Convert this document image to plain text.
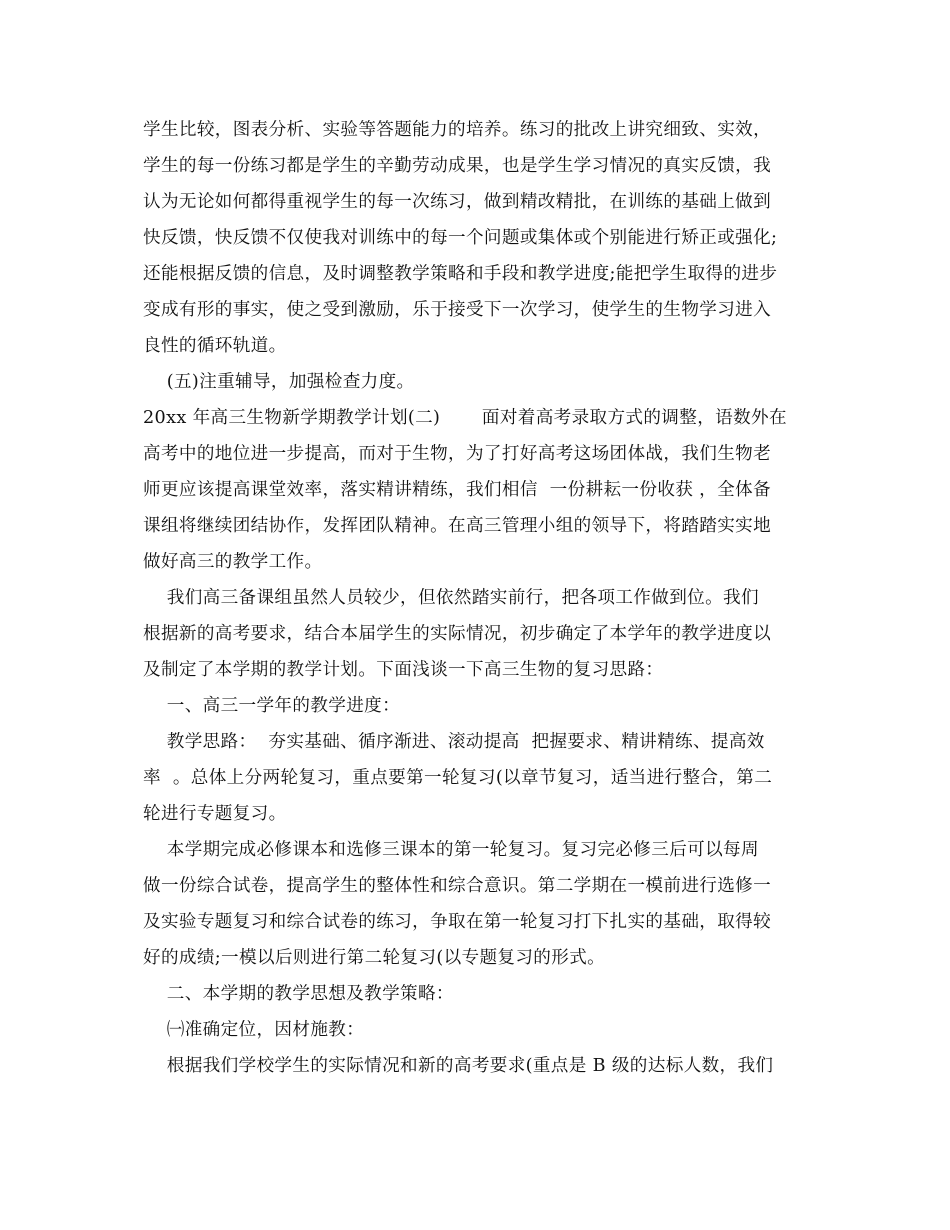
学生比较，图表分析、实验等答题能力的培养。练习的批改上讲究细致、实效，
学生的每一份练习都是学生的辛勤劳动成果，也是学生学习情况的真实反馈，我
认为无论如何都得重视学生的每一次练习，做到精改精批，在训练的基础上做到
快反馈，快反馈不仅使我对训练中的每一个问题或集体或个别能进行矫正或强化;
还能根据反馈的信息，及时调整教学策略和手段和教学进度;能把学生取得的进步
变成有形的事实，使之受到激励，乐于接受下一次学习，使学生的生物学习进入
良性的循环轨道。
(五)注重辅导，加强检查力度。
20xx 年高三生物新学期教学计划(二)       面对着高考录取方式的调整，语数外在
高考中的地位进一步提高，而对于生物，为了打好高考这场团体战，我们生物老
师更应该提高课堂效率，落实精讲精练，我们相信  一份耕耘一份收获 ，全体备
课组将继续团结协作，发挥团队精神。在高三管理小组的领导下，将踏踏实实地
做好高三的教学工作。
我们高三备课组虽然人员较少，但依然踏实前行，把各项工作做到位。我们
根据新的高考要求，结合本届学生的实际情况，初步确定了本学年的教学进度以
及制定了本学期的教学计划。下面浅谈一下高三生物的复习思路：
一、高三一学年的教学进度：
教学思路：  夯实基础、循序渐进、滚动提高  把握要求、精讲精练、提高效
率  。总体上分两轮复习，重点要第一轮复习(以章节复习，适当进行整合，第二
轮进行专题复习。
本学期完成必修课本和选修三课本的第一轮复习。复习完必修三后可以每周
做一份综合试卷，提高学生的整体性和综合意识。第二学期在一模前进行选修一
及实验专题复习和综合试卷的练习，争取在第一轮复习打下扎实的基础，取得较
好的成绩;一模以后则进行第二轮复习(以专题复习的形式。
二、本学期的教学思想及教学策略：
㈠准确定位，因材施教：
根据我们学校学生的实际情况和新的高考要求(重点是 B 级的达标人数，我们
